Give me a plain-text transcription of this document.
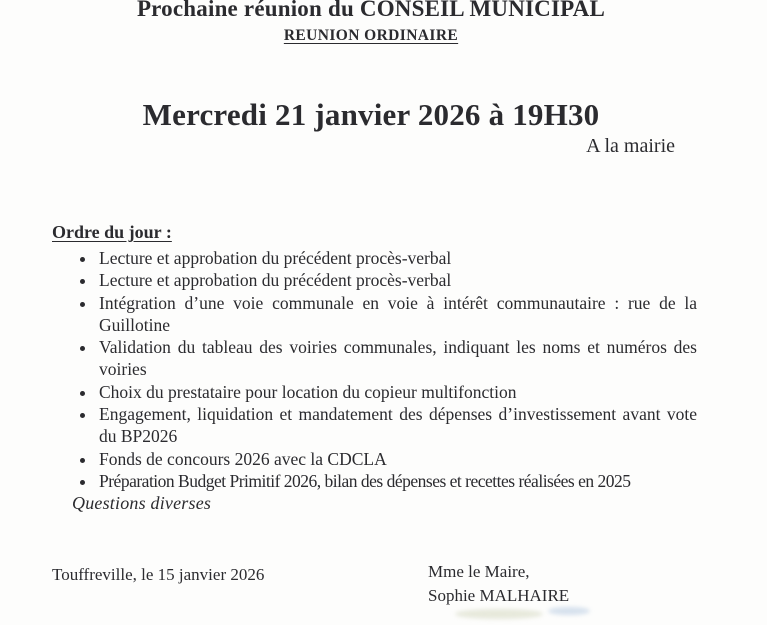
Prochaine réunion du CONSEIL MUNICIPAL
REUNION ORDINAIRE
Mercredi 21 janvier 2026 à 19H30
A la mairie
Ordre du jour :
• Lecture et approbation du précédent procès-verbal
• Lecture et approbation du précédent procès-verbal
• Intégration d’une voie communale en voie à intérêt communautaire : rue de la Guillotine
• Validation du tableau des voiries communales, indiquant les noms et numéros des voiries
• Choix du prestataire pour location du copieur multifonction
• Engagement, liquidation et mandatement des dépenses d’investissement avant vote du BP2026
• Fonds de concours 2026 avec la CDCLA
• Préparation Budget Primitif 2026, bilan des dépenses et recettes réalisées en 2025
Questions diverses
Touffreville, le 15 janvier 2026	Mme le Maire,
Sophie MALHAIRE
